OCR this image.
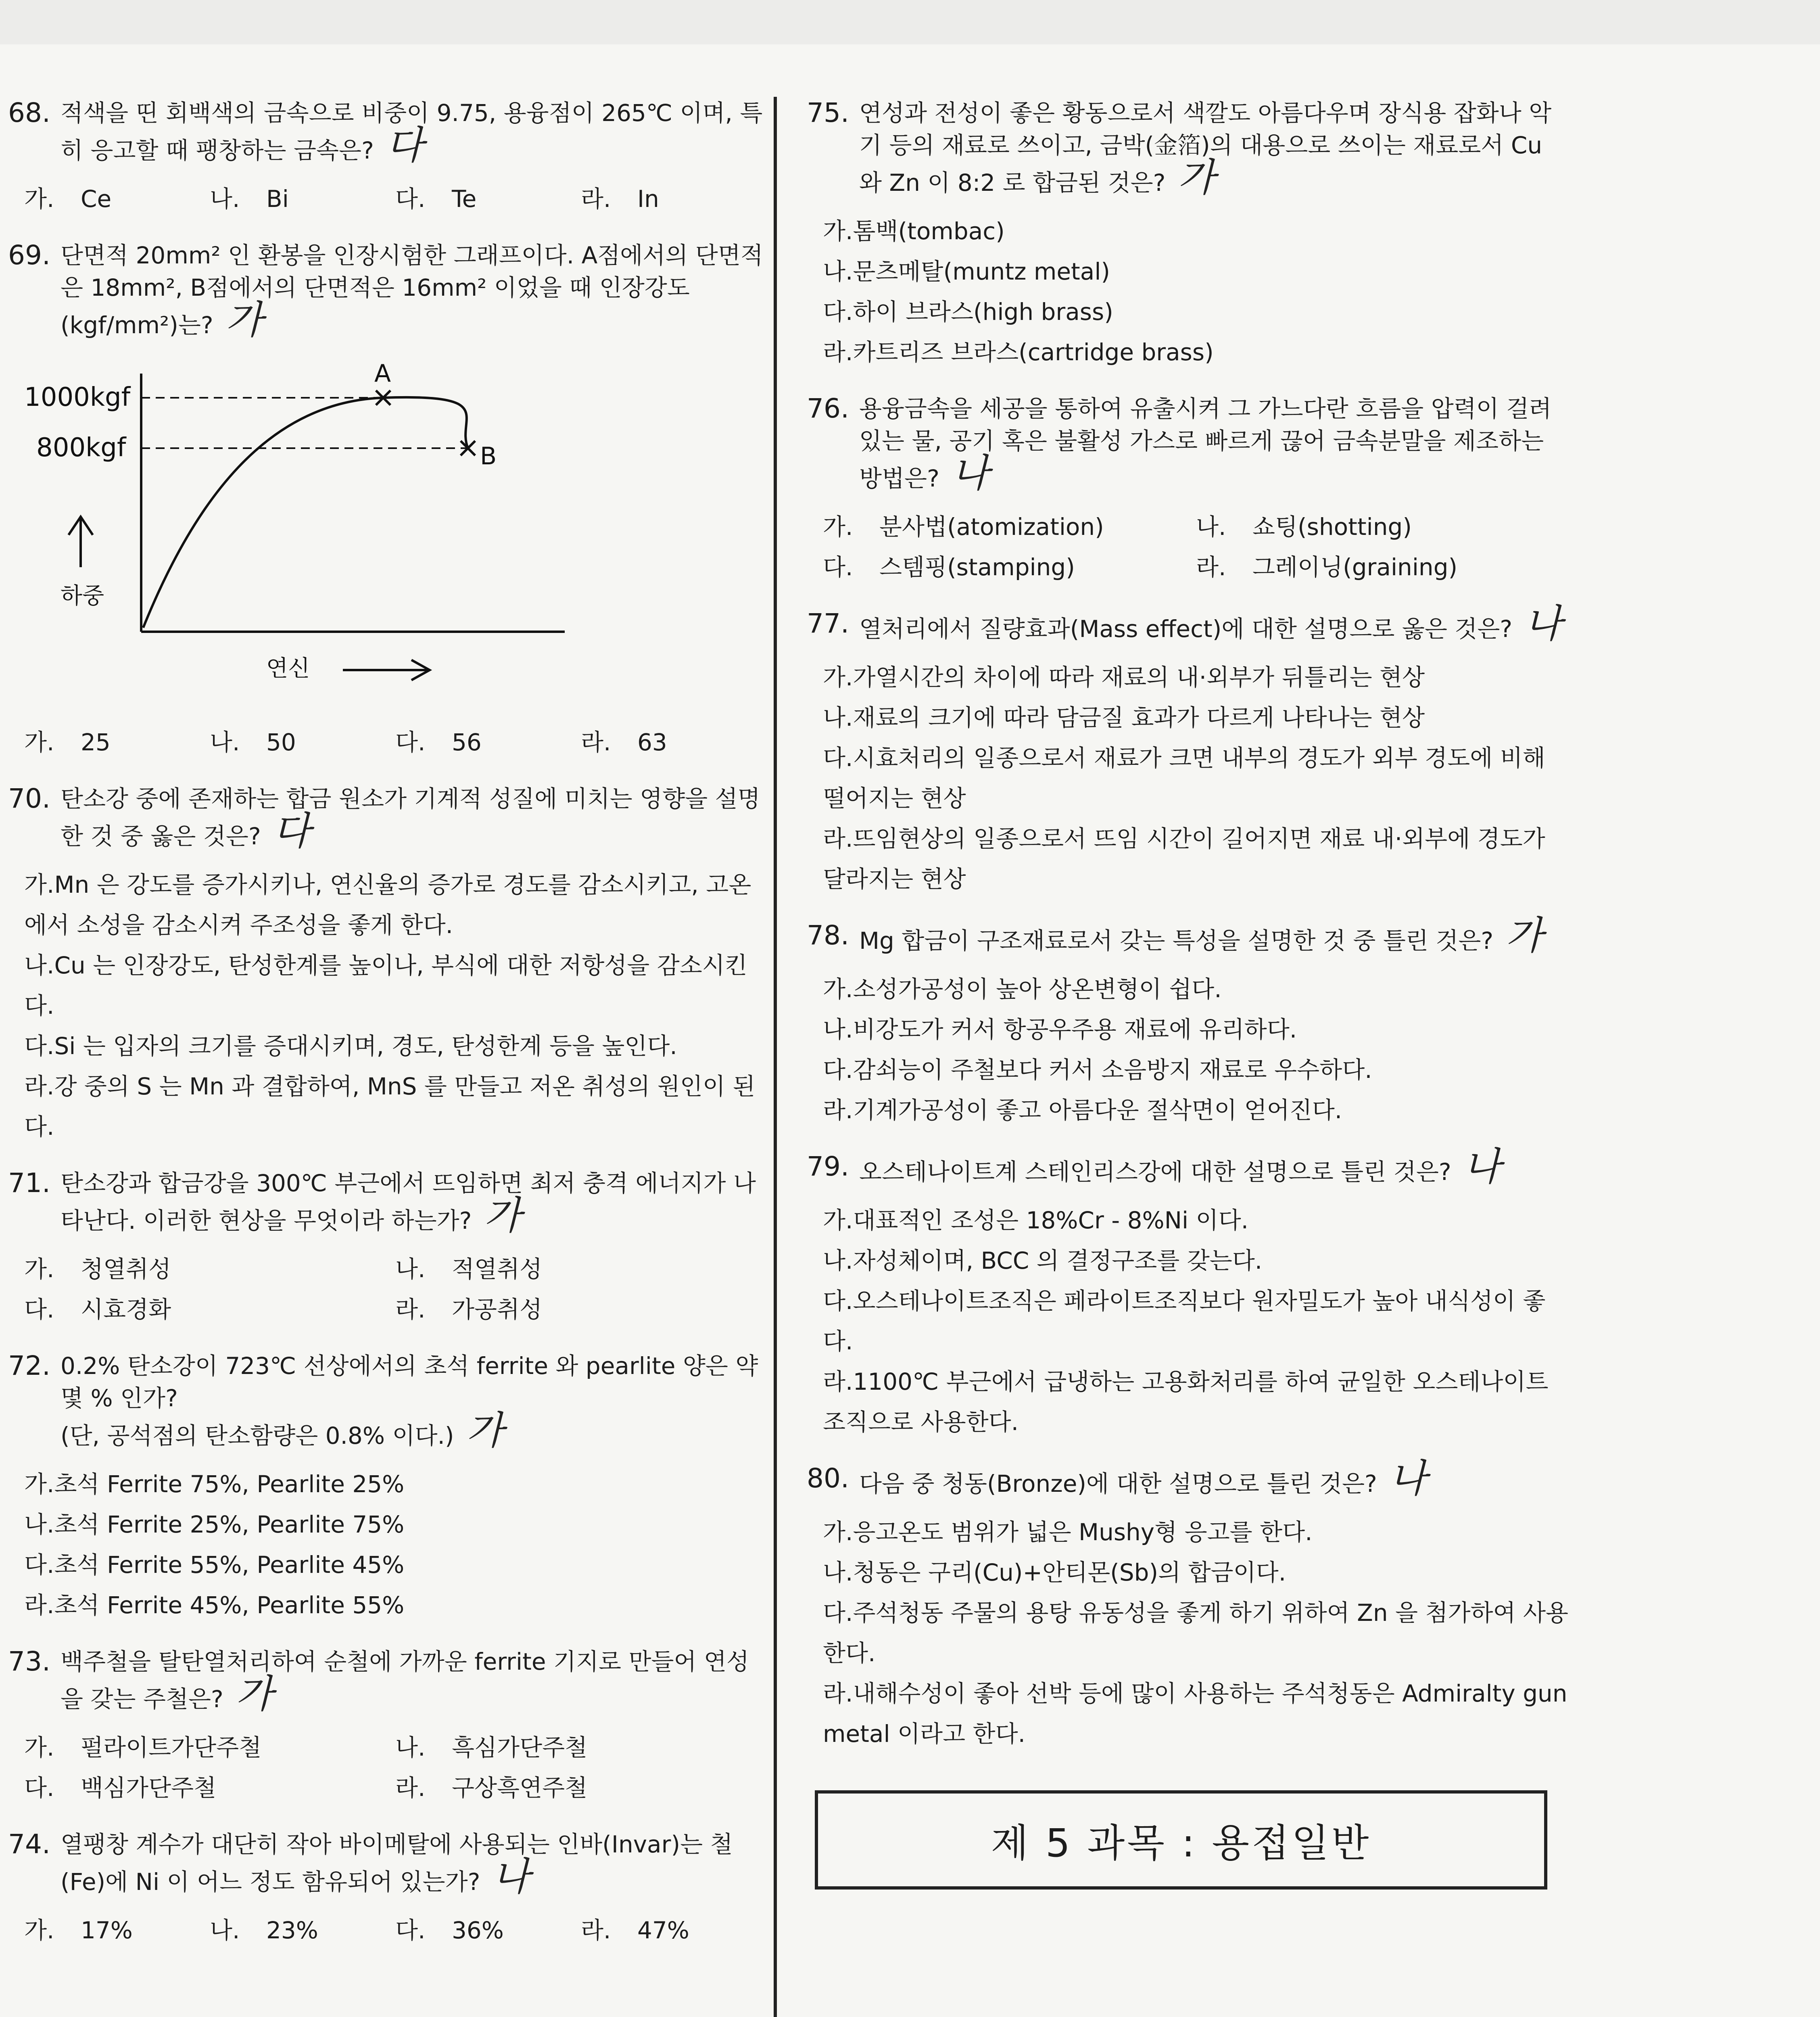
68. 적색을 띤 회백색의 금속으로 비중이 9.75, 용융점이 265℃ 이며, 특히 응고할 때 팽창하는 금속은? 다
가.	Ce	나.	Bi	다.	Te	라.	In
69. 단면적 20mm² 인 환봉을 인장시험한 그래프이다. A점에서의 단면적은 18mm², B점에서의 단면적은 16mm² 이었을 때 인장강도(kgf/mm²)는? 가
1000kgf
800kgf
A
B
하중
연신
가.	25	나.	50	다.	56	라.	63
70. 탄소강 중에 존재하는 합금 원소가 기계적 성질에 미치는 영향을 설명한 것 중 옳은 것은? 다
가.Mn 은 강도를 증가시키나, 연신율의 증가로 경도를 감소시키고, 고온에서 소성을 감소시켜 주조성을 좋게 한다.
나.Cu 는 인장강도, 탄성한계를 높이나, 부식에 대한 저항성을 감소시킨다.
다.Si 는 입자의 크기를 증대시키며, 경도, 탄성한계 등을 높인다.
라.강 중의 S 는 Mn 과 결합하여, MnS 를 만들고 저온 취성의 원인이 된다.
71. 탄소강과 합금강을 300℃ 부근에서 뜨임하면 최저 충격 에너지가 나타난다. 이러한 현상을 무엇이라 하는가? 가
가.	청열취성	나.	적열취성
다.	시효경화	라.	가공취성
72. 0.2% 탄소강이 723℃ 선상에서의 초석 ferrite 와 pearlite 양은 약 몇 % 인가?
(단, 공석점의 탄소함량은 0.8% 이다.) 가
가.초석 Ferrite 75%, Pearlite 25%
나.초석 Ferrite 25%, Pearlite 75%
다.초석 Ferrite 55%, Pearlite 45%
라.초석 Ferrite 45%, Pearlite 55%
73. 백주철을 탈탄열처리하여 순철에 가까운 ferrite 기지로 만들어 연성을 갖는 주철은? 가
가.	펄라이트가단주철	나.	흑심가단주철
다.	백심가단주철	라.	구상흑연주철
74. 열팽창 계수가 대단히 작아 바이메탈에 사용되는 인바(Invar)는 철(Fe)에 Ni 이 어느 정도 함유되어 있는가? 나
가.	17%	나.	23%	다.	36%	라.	47%
75. 연성과 전성이 좋은 황동으로서 색깔도 아름다우며 장식용 잡화나 악기 등의 재료로 쓰이고, 금박(金箔)의 대용으로 쓰이는 재료로서 Cu 와 Zn 이 8:2 로 합금된 것은? 가
가.톰백(tombac)
나.문츠메탈(muntz metal)
다.하이 브라스(high brass)
라.카트리즈 브라스(cartridge brass)
76. 용융금속을 세공을 통하여 유출시켜 그 가느다란 흐름을 압력이 걸려있는 물, 공기 혹은 불활성 가스로 빠르게 끊어 금속분말을 제조하는 방법은? 나
가.	분사법(atomization)	나.	쇼팅(shotting)
다.	스템핑(stamping)	라.	그레이닝(graining)
77. 열처리에서 질량효과(Mass effect)에 대한 설명으로 옳은 것은? 나
가.가열시간의 차이에 따라 재료의 내·외부가 뒤틀리는 현상
나.재료의 크기에 따라 담금질 효과가 다르게 나타나는 현상
다.시효처리의 일종으로서 재료가 크면 내부의 경도가 외부 경도에 비해 떨어지는 현상
라.뜨임현상의 일종으로서 뜨임 시간이 길어지면 재료 내·외부에 경도가 달라지는 현상
78. Mg 합금이 구조재료로서 갖는 특성을 설명한 것 중 틀린 것은? 가
가.소성가공성이 높아 상온변형이 쉽다.
나.비강도가 커서 항공우주용 재료에 유리하다.
다.감쇠능이 주철보다 커서 소음방지 재료로 우수하다.
라.기계가공성이 좋고 아름다운 절삭면이 얻어진다.
79. 오스테나이트계 스테인리스강에 대한 설명으로 틀린 것은? 나
가.대표적인 조성은 18%Cr - 8%Ni 이다.
나.자성체이며, BCC 의 결정구조를 갖는다.
다.오스테나이트조직은 페라이트조직보다 원자밀도가 높아 내식성이 좋다.
라.1100℃ 부근에서 급냉하는 고용화처리를 하여 균일한 오스테나이트조직으로 사용한다.
80. 다음 중 청동(Bronze)에 대한 설명으로 틀린 것은? 나
가.응고온도 범위가 넓은 Mushy형 응고를 한다.
나.청동은 구리(Cu)+안티몬(Sb)의 합금이다.
다.주석청동 주물의 용탕 유동성을 좋게 하기 위하여 Zn 을 첨가하여 사용한다.
라.내해수성이 좋아 선박 등에 많이 사용하는 주석청동은 Admiralty gun metal 이라고 한다.
제 5 과목 : 용접일반
